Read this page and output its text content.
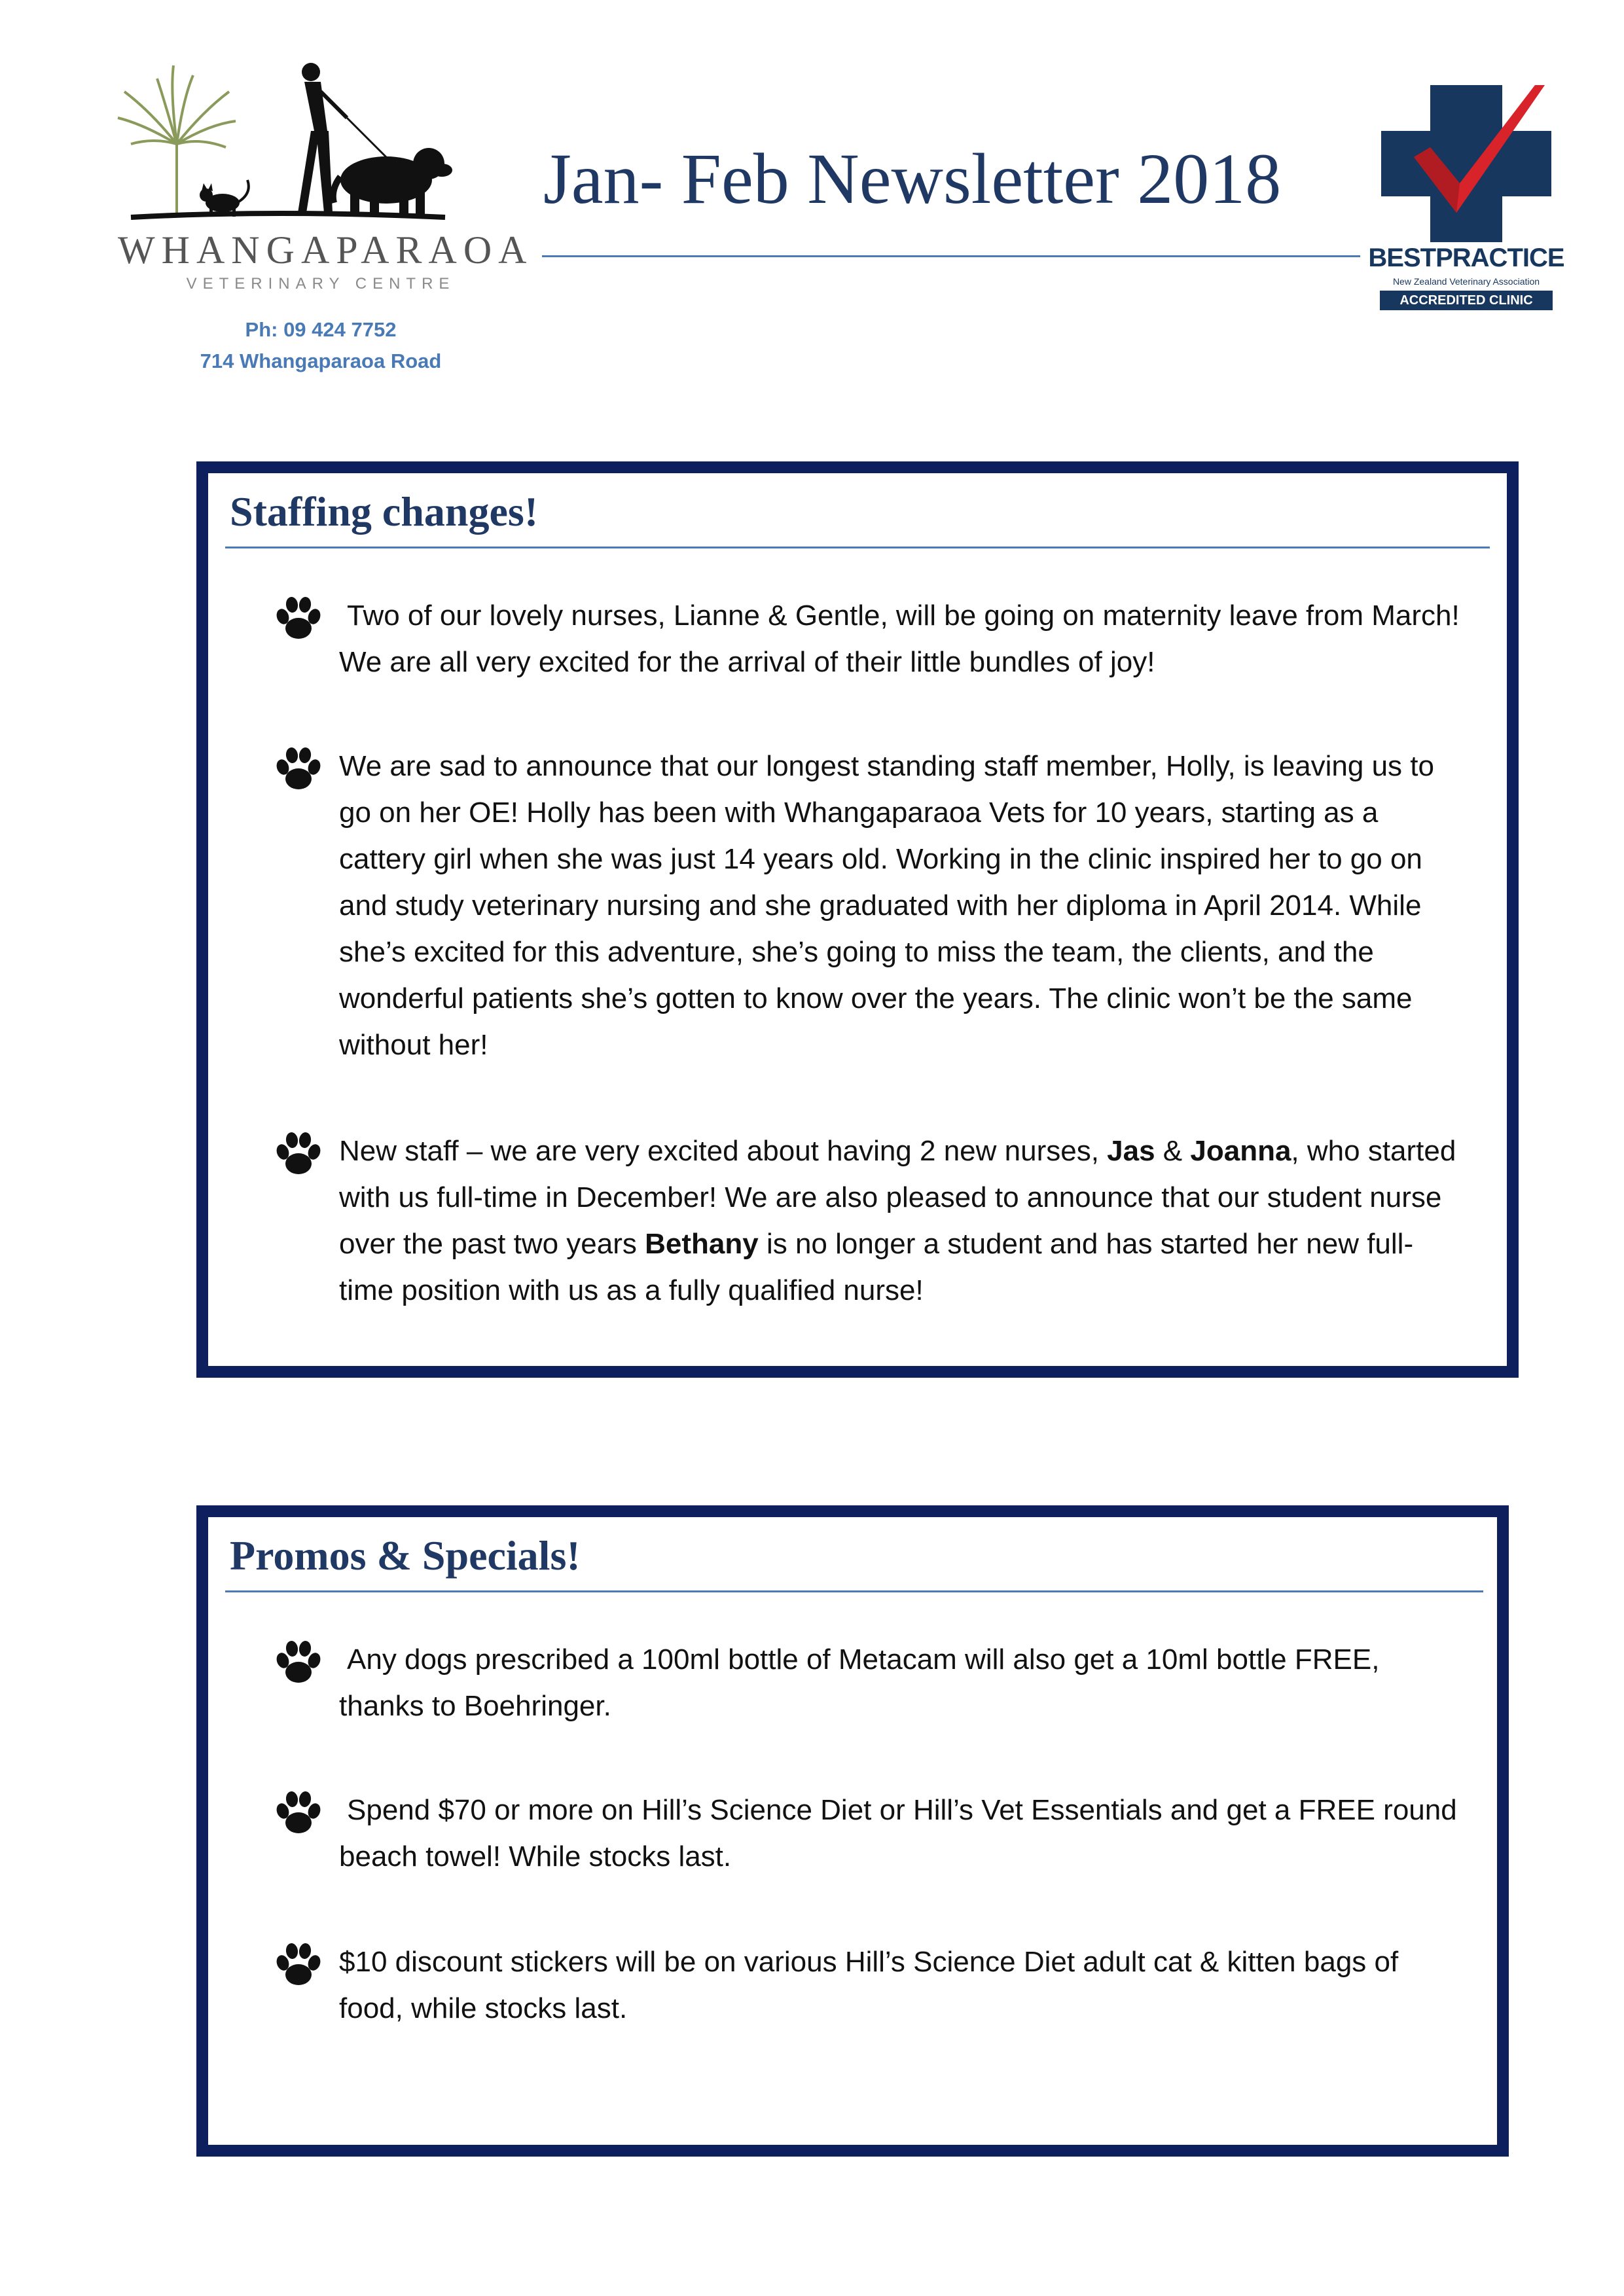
WHANGAPARAOA
VETERINARY CENTRE
Ph: 09 424 7752
714 Whangaparaoa Road
Jan- Feb Newsletter 2018
BESTPRACTICE
New Zealand Veterinary Association
ACCREDITED CLINIC
Staffing changes!
Two of our lovely nurses, Lianne & Gentle, will be going on maternity leave from March! We are all very excited for the arrival of their little bundles of joy!
We are sad to announce that our longest standing staff member, Holly, is leaving us to go on her OE! Holly has been with Whangaparaoa Vets for 10 years, starting as a cattery girl when she was just 14 years old. Working in the clinic inspired her to go on and study veterinary nursing and she graduated with her diploma in April 2014. While she’s excited for this adventure, she’s going to miss the team, the clients, and the wonderful patients she’s gotten to know over the years. The clinic won’t be the same without her!
New staff – we are very excited about having 2 new nurses, Jas & Joanna, who started with us full-time in December! We are also pleased to announce that our student nurse over the past two years Bethany is no longer a student and has started her new full-time position with us as a fully qualified nurse!
Promos & Specials!
Any dogs prescribed a 100ml bottle of Metacam will also get a 10ml bottle FREE, thanks to Boehringer.
Spend $70 or more on Hill’s Science Diet or Hill’s Vet Essentials and get a FREE round beach towel! While stocks last.
$10 discount stickers will be on various Hill’s Science Diet adult cat & kitten bags of food, while stocks last.
